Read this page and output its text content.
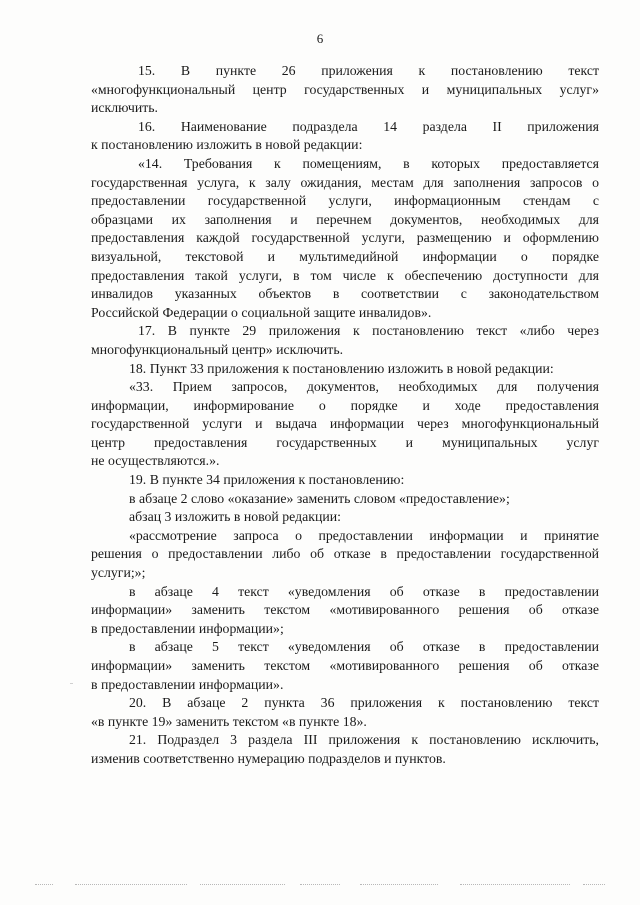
6
15. В пункте 26 приложения к постановлению текст
«многофункциональный центр государственных и муниципальных услуг»
исключить.
16. Наименование подраздела 14 раздела II приложения
к постановлению изложить в новой редакции:
«14. Требования к помещениям, в которых предоставляется
государственная услуга, к залу ожидания, местам для заполнения запросов о
предоставлении государственной услуги, информационным стендам с
образцами их заполнения и перечнем документов, необходимых для
предоставления каждой государственной услуги, размещению и оформлению
визуальной, текстовой и мультимедийной информации о порядке
предоставления такой услуги, в том числе к обеспечению доступности для
инвалидов указанных объектов в соответствии с законодательством
Российской Федерации о социальной защите инвалидов».
17. В пункте 29 приложения к постановлению текст «либо через
многофункциональный центр» исключить.
18. Пункт 33 приложения к постановлению изложить в новой редакции:
«33. Прием запросов, документов, необходимых для получения
информации, информирование о порядке и ходе предоставления
государственной услуги и выдача информации через многофункциональный
центр предоставления государственных и муниципальных услуг
не осуществляются.».
19. В пункте 34 приложения к постановлению:
в абзаце 2 слово «оказание» заменить словом «предоставление»;
абзац 3 изложить в новой редакции:
«рассмотрение запроса о предоставлении информации и принятие
решения о предоставлении либо об отказе в предоставлении государственной
услуги;»;
в абзаце 4 текст «уведомления об отказе в предоставлении
информации» заменить текстом «мотивированного решения об отказе
в предоставлении информации»;
в абзаце 5 текст «уведомления об отказе в предоставлении
информации» заменить текстом «мотивированного решения об отказе
в предоставлении информации».
20. В абзаце 2 пункта 36 приложения к постановлению текст
«в пункте 19» заменить текстом «в пункте 18».
21. Подраздел 3 раздела III приложения к постановлению исключить,
изменив соответственно нумерацию подразделов и пунктов.
